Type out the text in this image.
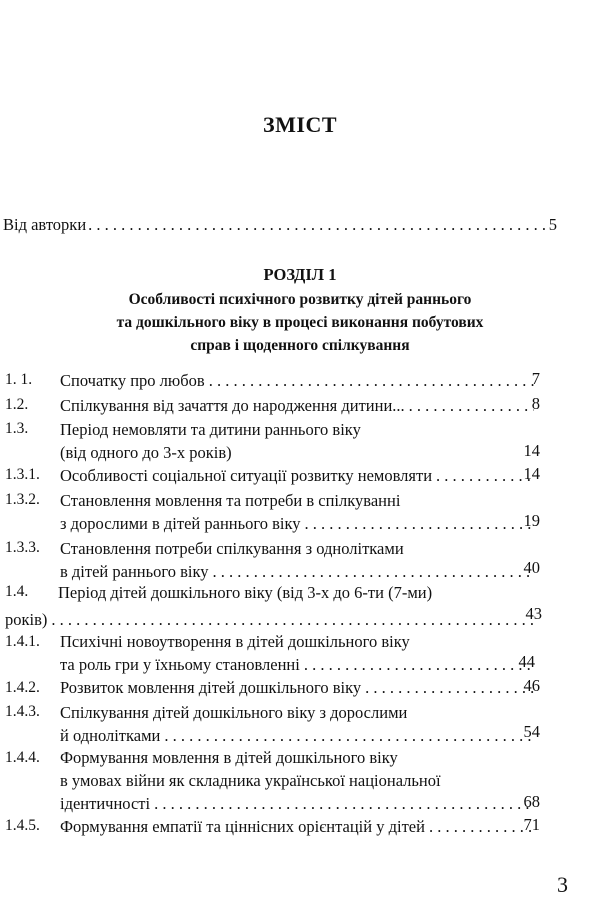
ЗМІСТ
Від авторки . . .	5
РОЗДІЛ 1
Особливості психічного розвитку дітей раннього
та дошкільного віку в процесі виконання побутових
справ і щоденного спілкування
1. 1. Спочатку про любов . . .	7
1.2. Спілкування від зачаття до народження дитини... . . .	8
1.3. Період немовляти та дитини раннього віку
(від одного до 3-х років)	14
1.3.1. Особливості соціальної ситуації розвитку немовляти . . .	14
1.3.2. Становлення мовлення та потреби в спілкуванні
з дорослими в дітей раннього віку . . .	19
1.3.3. Становлення потреби спілкування з однолітками
в дітей раннього віку . . .	40
1.4. Період дітей дошкільного віку (від 3-х до 6-ти (7-ми)
років) . . .	43
1.4.1. Психічні новоутворення в дітей дошкільного віку
та роль гри у їхньому становленні . . .	44
1.4.2. Розвиток мовлення дітей дошкільного віку . . .	46
1.4.3. Спілкування дітей дошкільного віку з дорослими
й однолітками . . .	54
1.4.4. Формування мовлення в дітей дошкільного віку
в умовах війни як складника української національної
ідентичності . . .	68
1.4.5. Формування емпатії та ціннісних орієнтацій у дітей . . .	71
3
